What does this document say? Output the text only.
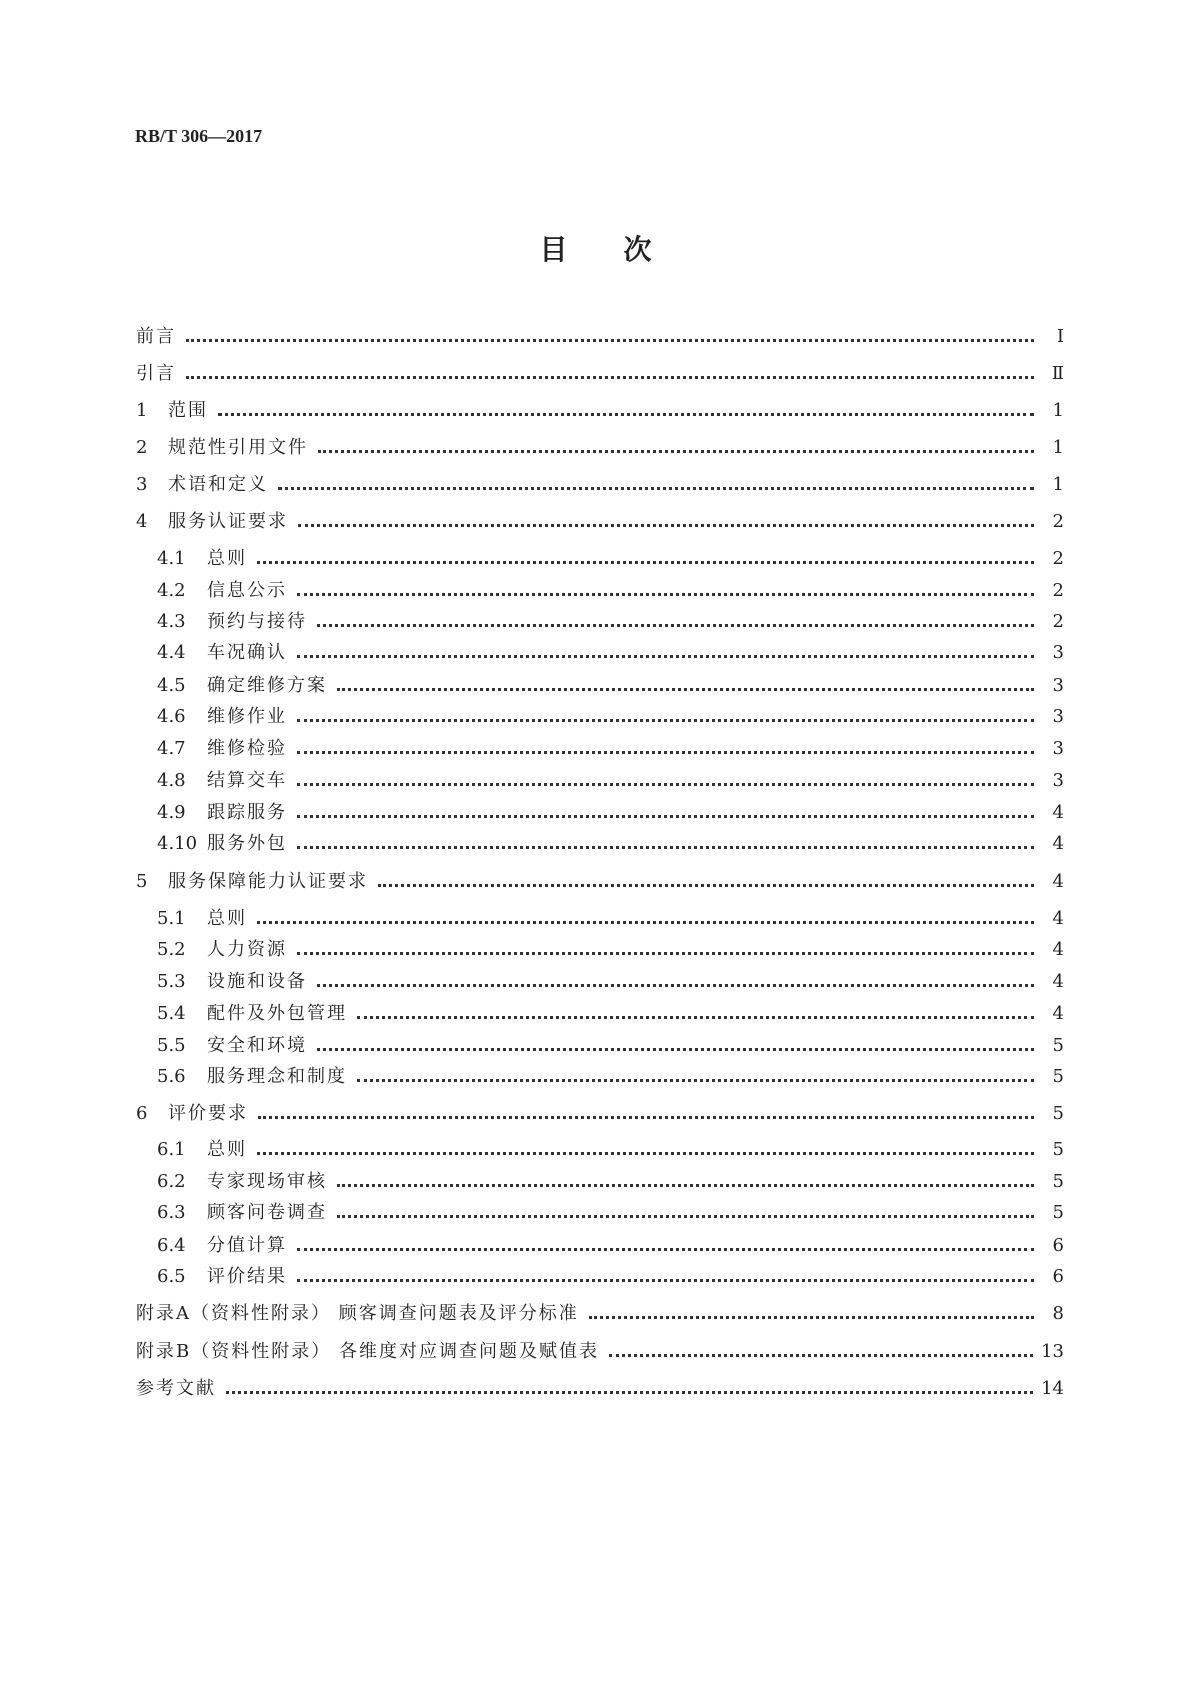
RB/T 306—2017
目次
前言	Ⅰ
引言	Ⅱ
1	范围	1
2	规范性引用文件	1
3	术语和定义	1
4	服务认证要求	2
4.1	总则	2
4.2	信息公示	2
4.3	预约与接待	2
4.4	车况确认	3
4.5	确定维修方案	3
4.6	维修作业	3
4.7	维修检验	3
4.8	结算交车	3
4.9	跟踪服务	4
4.10 服务外包	4
5	服务保障能力认证要求	4
5.1	总则	4
5.2	人力资源	4
5.3	设施和设备	4
5.4	配件及外包管理	4
5.5	安全和环境	5
5.6	服务理念和制度	5
6	评价要求	5
6.1	总则	5
6.2	专家现场审核	5
6.3	顾客问卷调查	5
6.4	分值计算	6
6.5	评价结果	6
附录A（资料性附录） 顾客调查问题表及评分标准	8
附录B（资料性附录） 各维度对应调查问题及赋值表	13
参考文献	14
